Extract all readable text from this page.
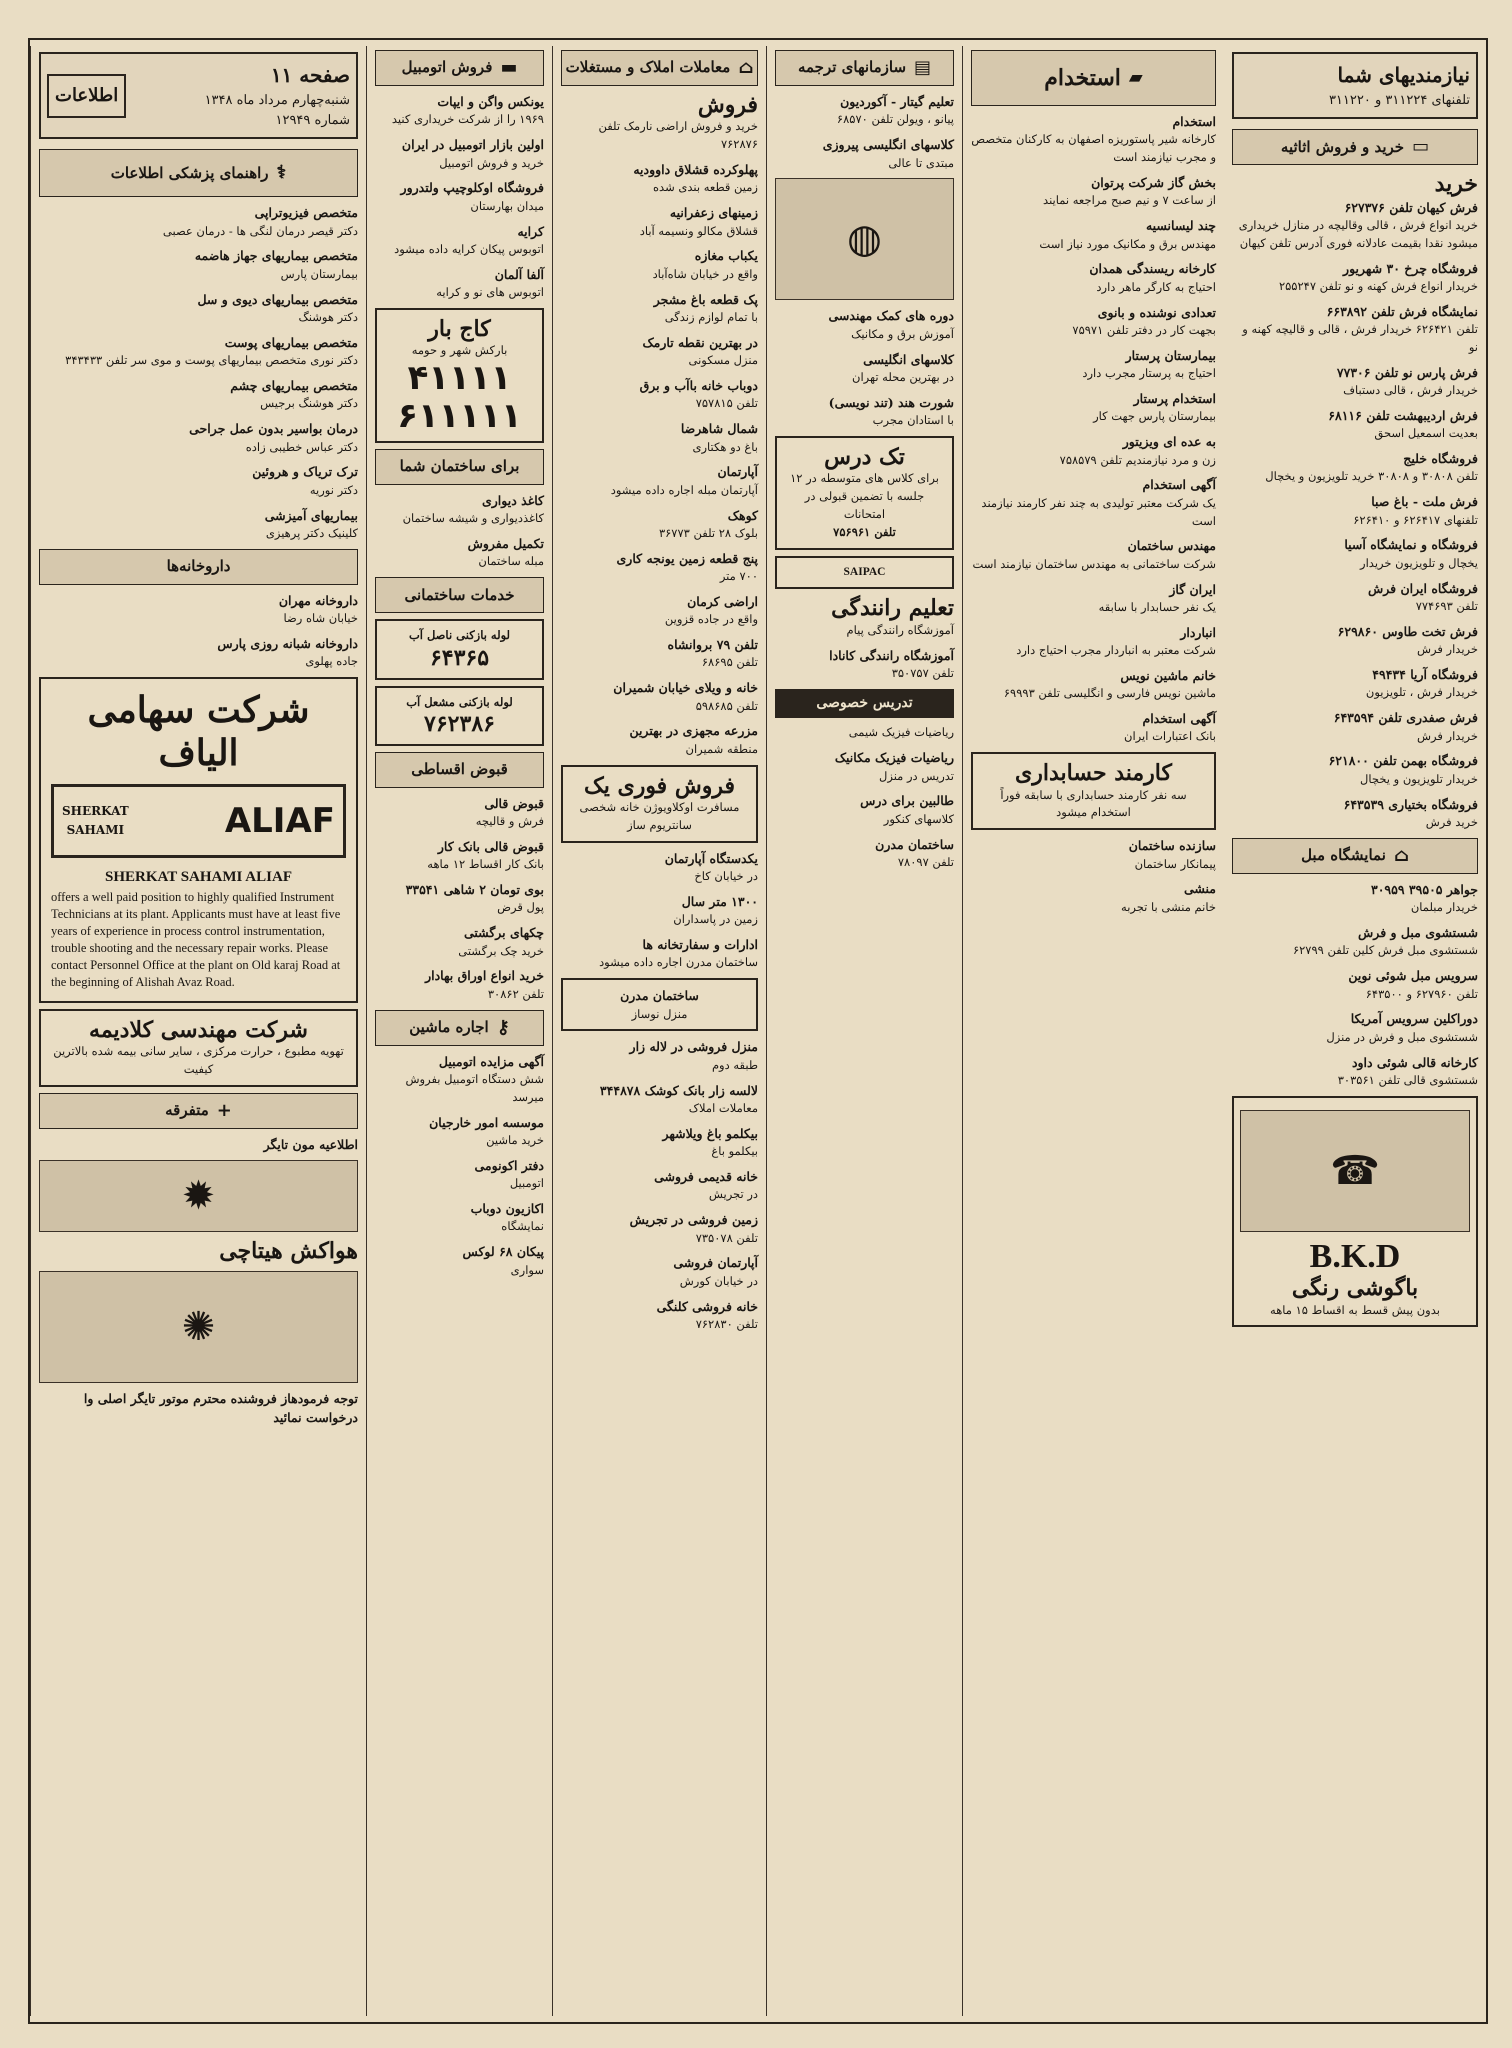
نیازمندیهای شما
تلفنهای ۳۱۱۲۲۴ و ۳۱۱۲۲۰
▭
خرید و فروش اثاثیه
خرید
فرش کیهان تلفن ۶۲۷۳۷۶
خرید انواع فرش ، قالی وقالیچه در منازل خریداری میشود نقدا بقیمت عادلانه فوری آدرس تلفن کیهان
فروشگاه چرخ ۳۰ شهریور
خریدار انواع فرش کهنه و نو تلفن ۲۵۵۲۴۷
نمایشگاه فرش تلفن ۶۶۳۸۹۲
تلفن ۶۲۶۴۲۱ خریدار فرش ، قالی و قالیچه کهنه و نو
فرش پارس نو تلفن ۷۷۳۰۶
خریدار فرش ، قالی دستباف
فرش اردیبهشت تلفن ۶۸۱۱۶
بعدیت اسمعیل اسحق
فروشگاه خلیج
تلفن ۳۰۸۰۸ و ۳۰۸۰۸ خرید تلویزیون و یخچال
فرش ملت - باغ صبا
تلفنهای ۶۲۶۴۱۷ و ۶۲۶۴۱۰
فروشگاه و نمایشگاه آسیا
یخچال و تلویزیون خریدار
فروشگاه ایران فرش
تلفن ۷۷۴۶۹۳
فرش تخت طاوس ۶۲۹۸۶۰
خریدار فرش
فروشگاه آریا ۴۹۴۳۴
خریدار فرش ، تلویزیون
فرش صفدری تلفن ۶۴۳۵۹۴
خریدار فرش
فروشگاه بهمن تلفن ۶۲۱۸۰۰
خریدار تلویزیون و یخچال
فروشگاه بختیاری ۶۴۳۵۳۹
خرید فرش
⌂
نمایشگاه مبل
جواهر ۳۹۵۰۵ ۳۰۹۵۹
خریدار مبلمان
شستشوی مبل و فرش
شستشوی مبل فرش کلین تلفن ۶۲۷۹۹
سرویس مبل شوئی نوین
تلفن ۶۲۷۹۶۰ و ۶۴۳۵۰۰
دوراکلین سرویس آمریکا
شستشوی مبل و فرش در منزل
کارخانه قالی شوئی داود
شستشوی قالی تلفن ۳۰۳۵۶۱
☎
B.K.D
باگوشی رنگی
بدون پیش قسط به اقساط ۱۵ ماهه
▰
استخدام
استخدام
کارخانه شیر پاستوریزه اصفهان به کارکنان متخصص و مجرب نیازمند است
بخش گاز شرکت پرتوان
از ساعت ۷ و نیم صبح مراجعه نمایند
چند لیسانسیه
مهندس برق و مکانیک مورد نیاز است
کارخانه ریسندگی همدان
احتیاج به کارگر ماهر دارد
تعدادی نوشنده و بانوی
بجهت کار در دفتر تلفن ۷۵۹۷۱
بیمارستان پرستار
احتیاج به پرستار مجرب دارد
استخدام پرستار
بیمارستان پارس جهت کار
به عده ای ویزیتور
زن و مرد نیازمندیم تلفن ۷۵۸۵۷۹
آگهی استخدام
یک شرکت معتبر تولیدی به چند نفر کارمند نیازمند است
مهندس ساختمان
شرکت ساختمانی به مهندس ساختمان نیازمند است
ایران گاز
یک نفر حسابدار با سابقه
انباردار
شرکت معتبر به انباردار مجرب احتیاج دارد
خانم ماشین نویس
ماشین نویس فارسی و انگلیسی تلفن ۶۹۹۹۳
آگهی استخدام
بانک اعتبارات ایران
کارمند حسابداری
سه نفر کارمند حسابداری با سابقه فوراً استخدام میشود
سازنده ساختمان
پیمانکار ساختمان
منشی
خانم منشی با تجربه
▤
سازمانهای ترجمه
تعلیم گیتار - آکوردیون
پیانو ، ویولن تلفن ۶۸۵۷۰
کلاسهای انگلیسی پیروزی
مبتدی تا عالی
◍
دوره های کمک مهندسی
آموزش برق و مکانیک
کلاسهای انگلیسی
در بهترین محله تهران
شورت هند (تند نویسی)
با استادان مجرب
تک درس
برای کلاس های متوسطه در ۱۲ جلسه با تضمین قبولی در امتحانات
تلفن ۷۵۶۹۶۱
SAIPAC
تعلیم رانندگی
آموزشگاه رانندگی پیام
آموزشگاه رانندگی کانادا
تلفن ۳۵۰۷۵۷
تدریس خصوصی
ریاضیات فیزیک شیمی
ریاضیات فیزیک مکانیک
تدریس در منزل
طالبین برای درس
کلاسهای کنکور
ساختمان مدرن
تلفن ۷۸۰۹۷
⌂
معاملات املاک و مستغلات
فروش
خرید و فروش اراضی نارمک تلفن ۷۶۲۸۷۶
پهلوکرده قشلاق داوودیه
زمین قطعه بندی شده
زمینهای زعفرانیه
قشلاق مکالو ونسیمه آباد
یکباب مغازه
واقع در خیابان شاه‌آباد
پک قطعه باغ مشجر
با تمام لوازم زندگی
در بهترین نقطه تارمک
منزل مسکونی
دوباب خانه باآب و برق
تلفن ۷۵۷۸۱۵
شمال شاهرضا
باغ دو هکتاری
آپارتمان
آپارتمان مبله اجاره داده میشود
کوهک
بلوک ۲۸ تلفن ۳۶۷۷۳
پنج قطعه زمین یونجه کاری
۷۰۰ متر
اراضی کرمان
واقع در جاده قزوین
تلفن ۷۹ بروانشاه
تلفن ۶۸۶۹۵
خانه و ویلای خیابان شمیران
تلفن ۵۹۸۶۸۵
مزرعه مجهزی در بهترین
منطقه شمیران
فروش فوری یک
مسافرت اوکلاویوژن خانه شخصی سانتریوم ساز
یکدستگاه آپارتمان
در خیابان کاخ
۱۳۰۰ متر سال
زمین در پاسداران
ادارات و سفارتخانه ها
ساختمان مدرن اجاره داده میشود
ساختمان مدرن
منزل نوساز
منزل فروشی در لاله زار
طبقه دوم
لالسه زار بانک کوشک ۳۴۴۸۷۸
معاملات املاک
بیکلمو باغ ویلاشهر
بیکلمو باغ
خانه قدیمی فروشی
در تجریش
زمین فروشی در تجریش
تلفن ۷۳۵۰۷۸
آپارتمان فروشی
در خیابان کورش
خانه فروشی کلنگی
تلفن ۷۶۲۸۳۰
▬
فروش اتومبیل
یونکس واگن و ایپات
۱۹۶۹ را از شرکت خریداری کنید
اولین بازار اتومبیل در ایران
خرید و فروش اتومبیل
فروشگاه اوکلوچیپ ولتدرور
میدان بهارستان
کرایه
اتوبوس پیکان کرایه داده میشود
آلفا آلمان
اتوبوس های نو و کرایه
کاج بار
بارکش شهر و حومه
۴۱۱۱۱
۶۱۱۱۱۱
برای ساختمان شما
کاغذ دیواری
کاغذدیواری و شیشه ساختمان
تکمیل مفروش
مبله ساختمان
خدمات ساختمانی
لوله بازکنی ناصل آب
۶۴۳۶۵
لوله بازکنی مشعل آب
۷۶۲۳۸۶
قبوض اقساطی
قبوض قالی
فرش و قالیچه
قبوض قالی بانک کار
بانک کار اقساط ۱۲ ماهه
بوی تومان ۲ شاهی ۳۳۵۴۱
پول قرض
چکهای برگشتی
خرید چک برگشتی
خرید انواع اوراق بهادار
تلفن ۳۰۸۶۲
⚷
اجاره ماشین
آگهی مزایده اتومبیل
شش دستگاه اتومبیل بفروش میرسد
موسسه امور خارجیان
خرید ماشین
دفتر اکونومی
اتومبیل
اکازیون دوباب
نمایشگاه
پیکان ۶۸ لوکس
سواری
صفحه ۱۱
شنبه‌چهارم مرداد ماه ۱۳۴۸
شماره ۱۲۹۴۹
اطلاعات
⚕
راهنمای پزشکی اطلاعات
متخصص فیزیوتراپی
دکتر قیصر درمان لنگی ها - درمان عصبی
متخصص بیماریهای جهاز هاضمه
بیمارستان پارس
متخصص بیماریهای دیوی و سل
دکتر هوشنگ
متخصص بیماریهای پوست
دکتر نوری متخصص بیماریهای پوست و موی سر تلفن ۳۴۳۴۳۳
متخصص بیماریهای چشم
دکتر هوشنگ برجیس
درمان بواسیر بدون عمل جراحی
دکتر عباس خطیبی زاده
ترک تریاک و هروئین
دکتر نوریه
بیماریهای آمیزشی
کلینیک دکتر پرهیزی
داروخانه‌ها
داروخانه مهران
خیابان شاه رضا
داروخانه شبانه روزی پارس
جاده پهلوی
شرکت سهامی الیاف
SHERKAT
SAHAMI	ALIAF
SHERKAT SAHAMI ALIAF
offers a well paid position to highly qualified Instrument Technicians at its plant. Applicants must have at least five years of experience in process control instrumentation, trouble shooting and the necessary repair works. Please contact Personnel Office at the plant on Old karaj Road at the beginning of Alishah Avaz Road.
شرکت مهندسی کلادیمه
تهویه مطبوع ، حرارت مرکزی ، سایر سانی بیمه شده بالاترین کیفیت
+
متفرقه
اطلاعیه مون تایگر
✹
هواکش هیتاچی
✺
توجه فرمودهاز فروشنده محترم موتور تایگر اصلی وا درخواست نمائید
